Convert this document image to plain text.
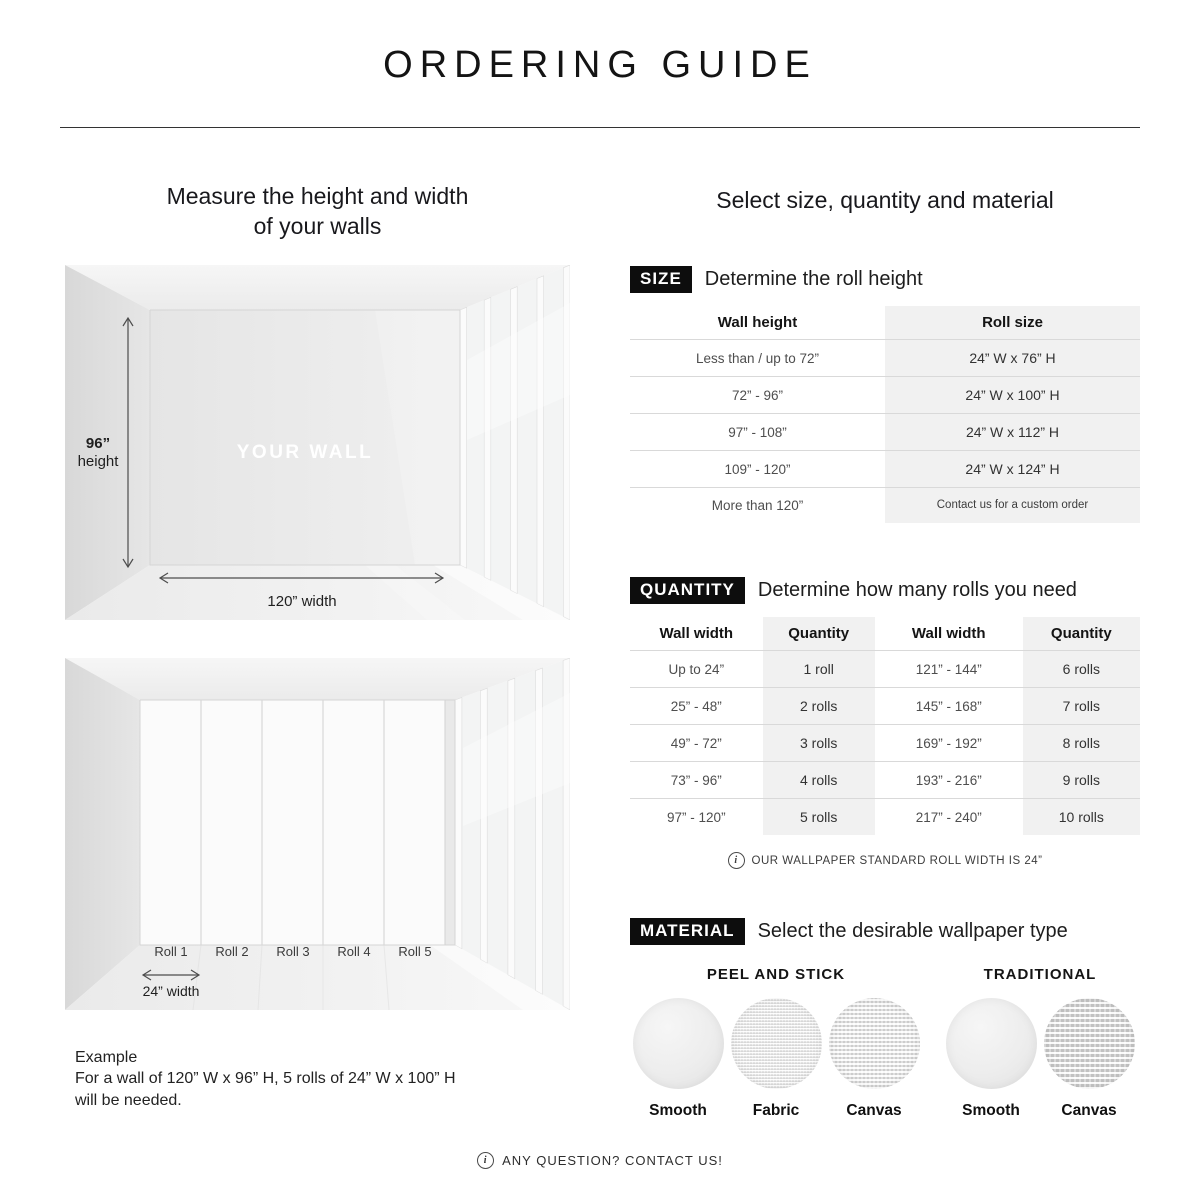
ORDERING GUIDE
Measure the height and width
of your walls
96”
height	YOUR WALL
120” width
Roll 1 Roll 2 Roll 3 Roll 4 Roll 5
24” width
Example
For a wall of 120” W x 96” H, 5 rolls of 24” W x 100” H
will be needed.
Select size, quantity and material
SIZE	Determine the roll height
Wall height	Roll size
Less than / up to 72”	24” W x 76” H
72” - 96”	24” W x 100” H
97” - 108”	24” W x 112” H
109” - 120”	24” W x 124” H
More than 120”	Contact us for a custom order
QUANTITY	Determine how many rolls you need
Wall width	Quantity	Wall width	Quantity
Up to 24”	1 roll	121” - 144”	6 rolls
25” - 48”	2 rolls	145” - 168”	7 rolls
49” - 72”	3 rolls	169” - 192”	8 rolls
73” - 96”	4 rolls	193” - 216”	9 rolls
97” - 120”	5 rolls	217” - 240”	10 rolls
i OUR WALLPAPER STANDARD ROLL WIDTH IS 24”
MATERIAL	Select the desirable wallpaper type
PEEL AND STICK
Smooth	Fabric	Canvas
TRADITIONAL
Smooth	Canvas
i ANY QUESTION? CONTACT US!
